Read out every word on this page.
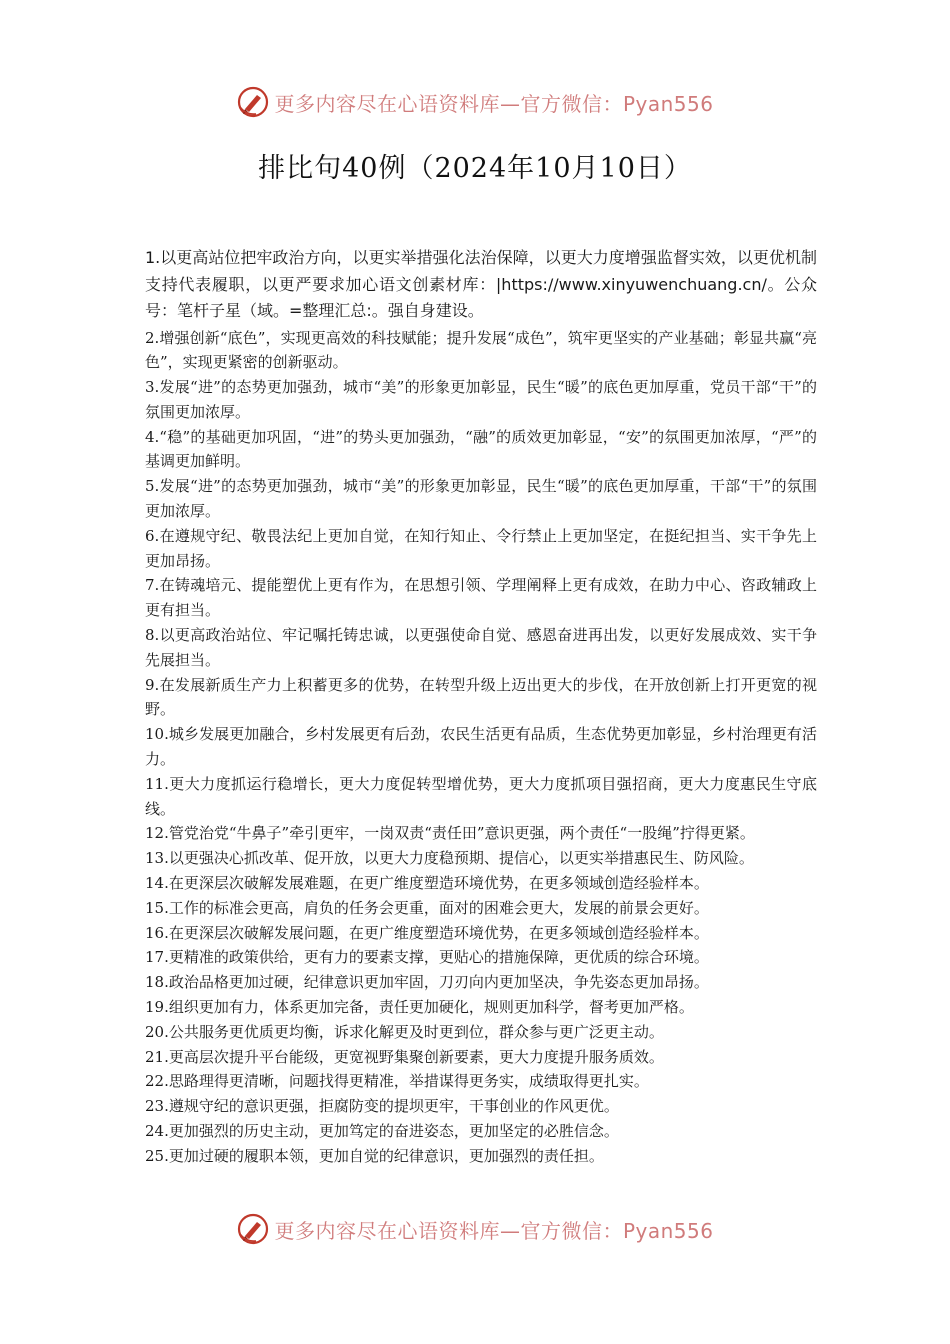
更多内容尽在心语资料库—官方微信：Pyan556
排比句40例（2024年10月10日）

1.以更高站位把牢政治方向，以更实举措强化法治保障，以更大力度增强监督实效，以更优机制支持代表履职，以更严要求加心语文创素材库：|https://www.xinyuwenchuang.cn/。公众号：笔杆子星（域。=整理汇总:。强自身建设。

2.增强创新“底色”，实现更高效的科技赋能；提升发展“成色”，筑牢更坚实的产业基础；彰显共赢“亮色”，实现更紧密的创新驱动。

3.发展“进”的态势更加强劲，城市“美”的形象更加彰显，民生“暖”的底色更加厚重，党员干部“干”的氛围更加浓厚。

4.“稳”的基础更加巩固，“进”的势头更加强劲，“融”的质效更加彰显，“安”的氛围更加浓厚，“严”的基调更加鲜明。

5.发展“进”的态势更加强劲，城市“美”的形象更加彰显，民生“暖”的底色更加厚重，干部“干”的氛围更加浓厚。

6.在遵规守纪、敬畏法纪上更加自觉，在知行知止、令行禁止上更加坚定，在挺纪担当、实干争先上更加昂扬。

7.在铸魂培元、提能塑优上更有作为，在思想引领、学理阐释上更有成效，在助力中心、咨政辅政上更有担当。

8.以更高政治站位、牢记嘱托铸忠诚，以更强使命自觉、感恩奋进再出发，以更好发展成效、实干争先展担当。

9.在发展新质生产力上积蓄更多的优势，在转型升级上迈出更大的步伐，在开放创新上打开更宽的视野。

10.城乡发展更加融合，乡村发展更有后劲，农民生活更有品质，生态优势更加彰显，乡村治理更有活力。

11.更大力度抓运行稳增长，更大力度促转型增优势，更大力度抓项目强招商，更大力度惠民生守底线。

12.管党治党“牛鼻子”牵引更牢，一岗双责“责任田”意识更强，两个责任“一股绳”拧得更紧。

13.以更强决心抓改革、促开放，以更大力度稳预期、提信心，以更实举措惠民生、防风险。

14.在更深层次破解发展难题，在更广维度塑造环境优势，在更多领域创造经验样本。

15.工作的标准会更高，肩负的任务会更重，面对的困难会更大，发展的前景会更好。

16.在更深层次破解发展问题，在更广维度塑造环境优势，在更多领域创造经验样本。

17.更精准的政策供给，更有力的要素支撑，更贴心的措施保障，更优质的综合环境。

18.政治品格更加过硬，纪律意识更加牢固，刀刃向内更加坚决，争先姿态更加昂扬。

19.组织更加有力，体系更加完备，责任更加硬化，规则更加科学，督考更加严格。

20.公共服务更优质更均衡，诉求化解更及时更到位，群众参与更广泛更主动。

21.更高层次提升平台能级，更宽视野集聚创新要素，更大力度提升服务质效。

22.思路理得更清晰，问题找得更精准，举措谋得更务实，成绩取得更扎实。

23.遵规守纪的意识更强，拒腐防变的提坝更牢，干事创业的作风更优。

24.更加强烈的历史主动，更加笃定的奋进姿态，更加坚定的必胜信念。

25.更加过硬的履职本领，更加自觉的纪律意识，更加强烈的责任担。

更多内容尽在心语资料库—官方微信：Pyan556
